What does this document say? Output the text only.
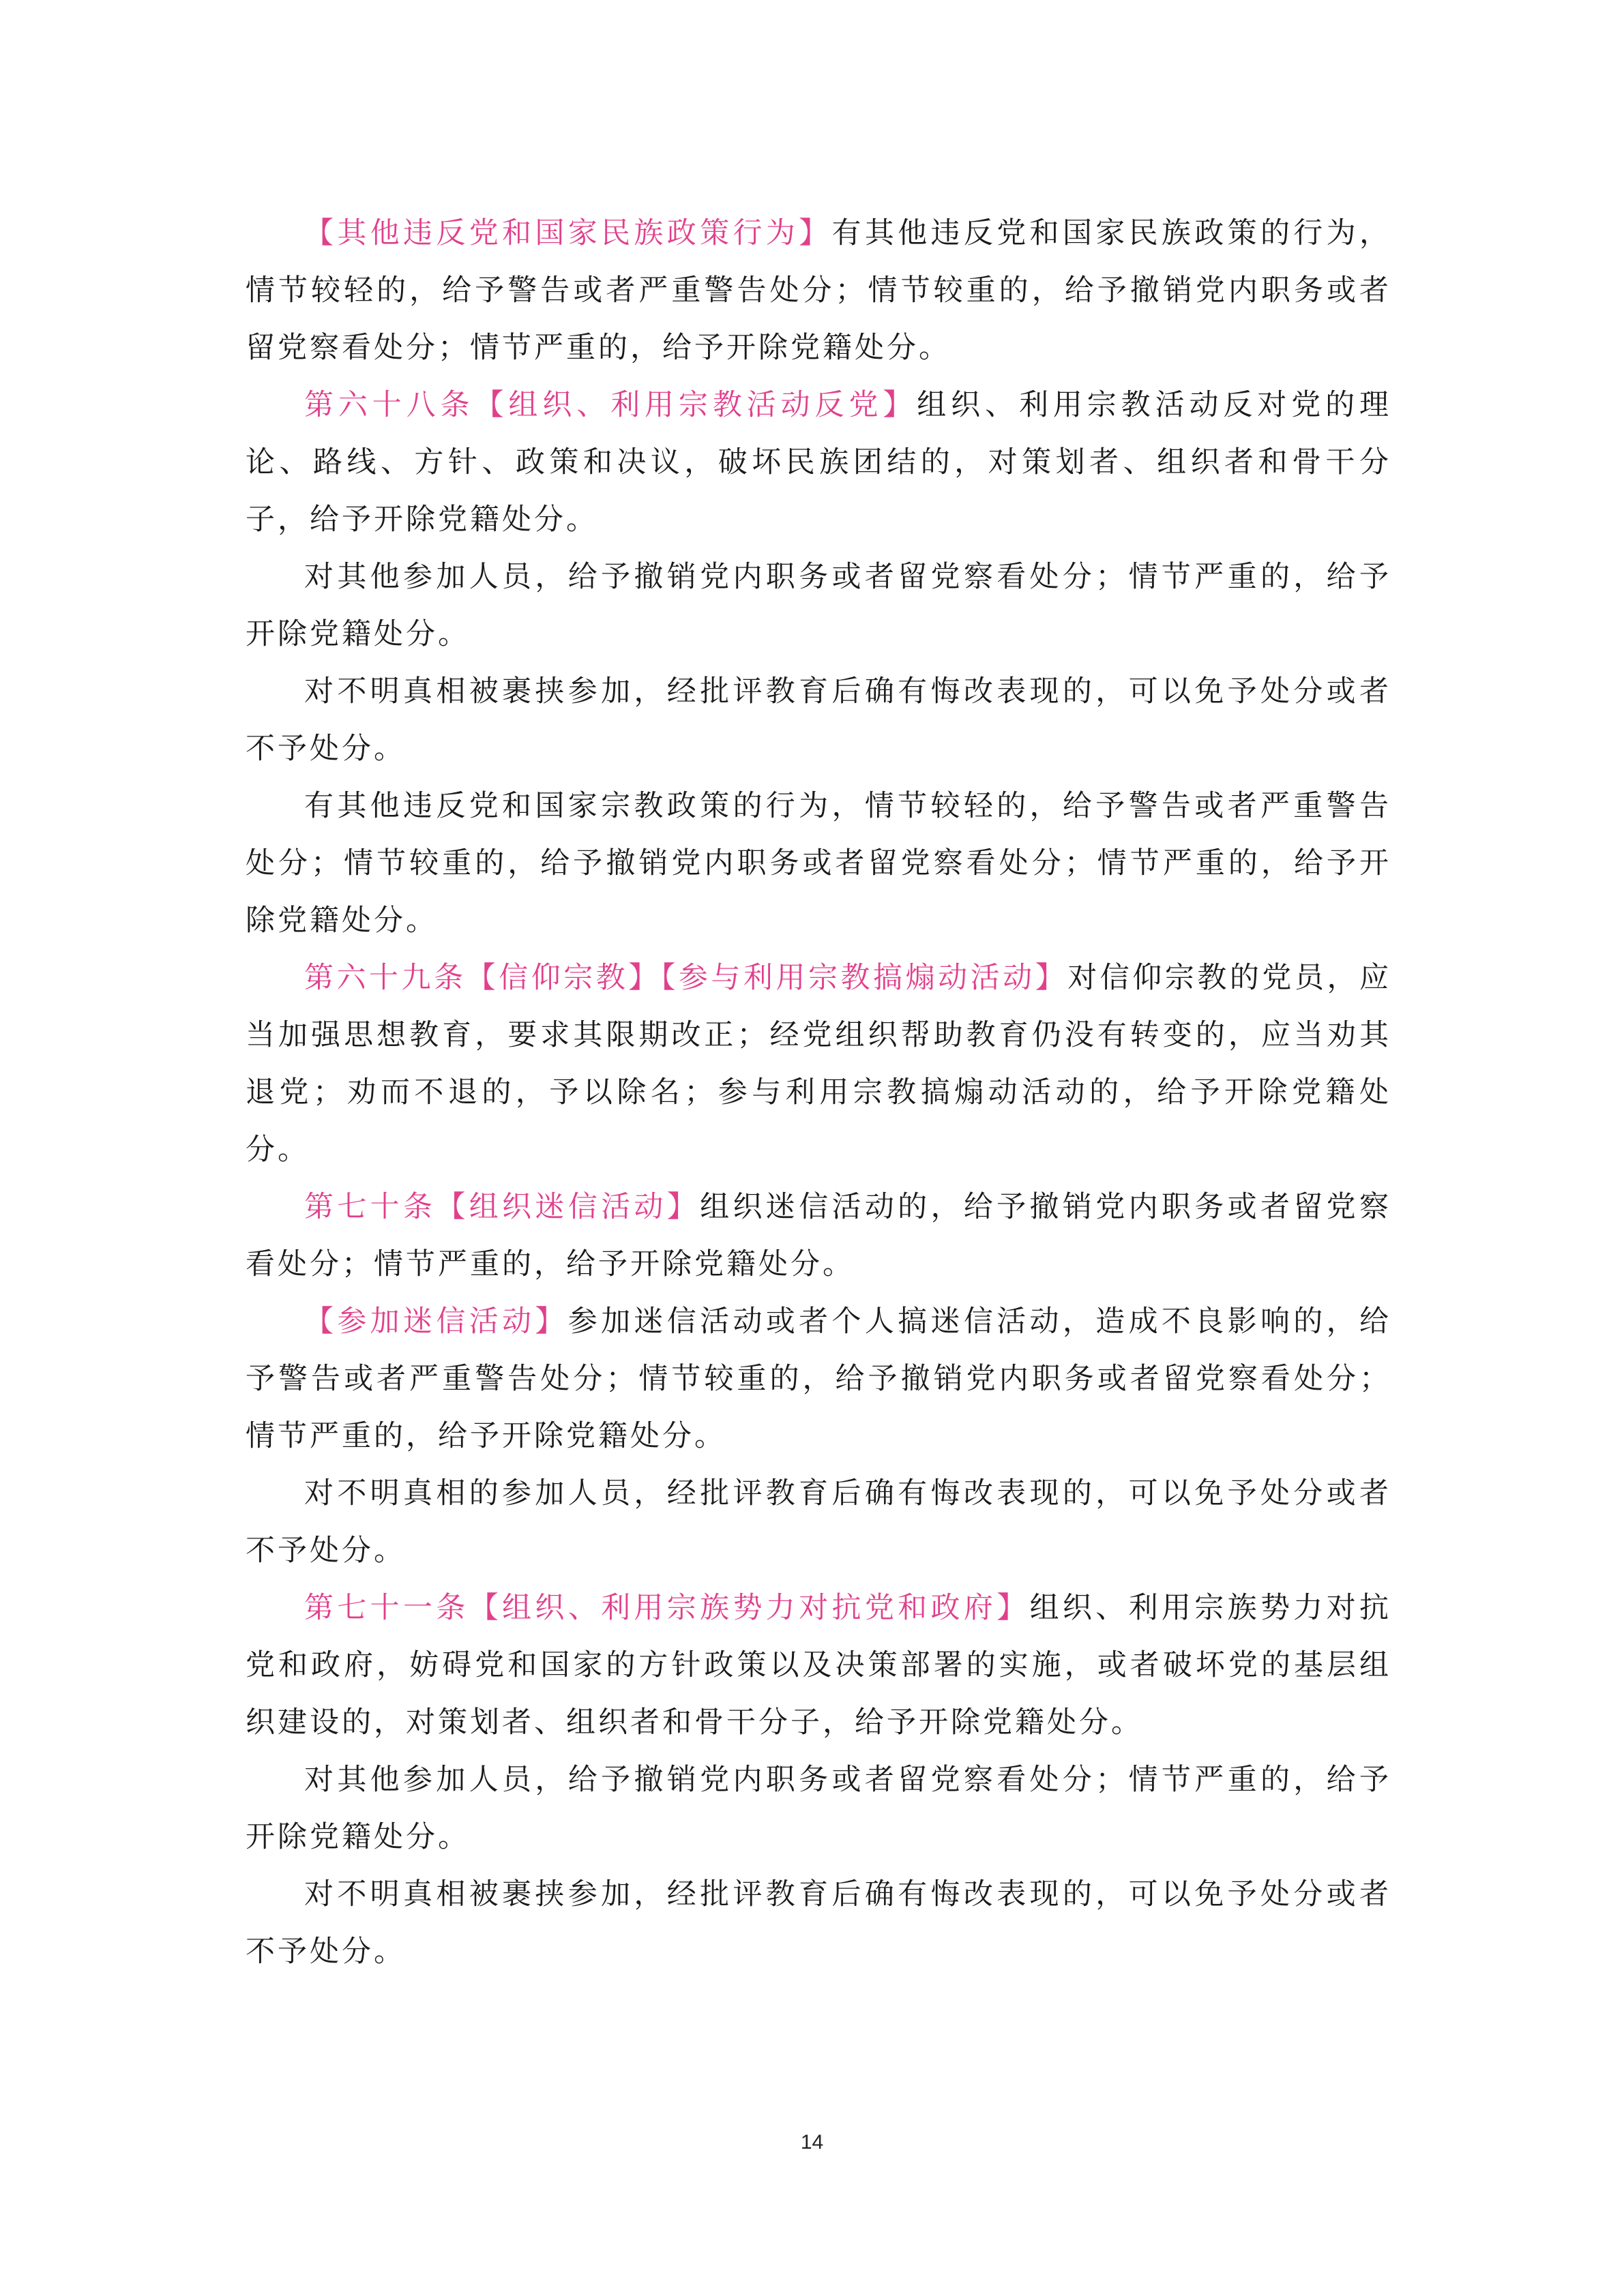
【其他违反党和国家民族政策行为】有其他违反党和国家民族政策的行为，情节较轻的，给予警告或者严重警告处分；情节较重的，给予撤销党内职务或者留党察看处分；情节严重的，给予开除党籍处分。

第六十八条【组织、利用宗教活动反党】组织、利用宗教活动反对党的理论、路线、方针、政策和决议，破坏民族团结的，对策划者、组织者和骨干分子，给予开除党籍处分。

对其他参加人员，给予撤销党内职务或者留党察看处分；情节严重的，给予开除党籍处分。

对不明真相被裹挟参加，经批评教育后确有悔改表现的，可以免予处分或者不予处分。

有其他违反党和国家宗教政策的行为，情节较轻的，给予警告或者严重警告处分；情节较重的，给予撤销党内职务或者留党察看处分；情节严重的，给予开除党籍处分。

第六十九条【信仰宗教】【参与利用宗教搞煽动活动】对信仰宗教的党员，应当加强思想教育，要求其限期改正；经党组织帮助教育仍没有转变的，应当劝其退党；劝而不退的，予以除名；参与利用宗教搞煽动活动的，给予开除党籍处分。

第七十条【组织迷信活动】组织迷信活动的，给予撤销党内职务或者留党察看处分；情节严重的，给予开除党籍处分。

【参加迷信活动】参加迷信活动或者个人搞迷信活动，造成不良影响的，给予警告或者严重警告处分；情节较重的，给予撤销党内职务或者留党察看处分；情节严重的，给予开除党籍处分。

对不明真相的参加人员，经批评教育后确有悔改表现的，可以免予处分或者不予处分。

第七十一条【组织、利用宗族势力对抗党和政府】组织、利用宗族势力对抗党和政府，妨碍党和国家的方针政策以及决策部署的实施，或者破坏党的基层组织建设的，对策划者、组织者和骨干分子，给予开除党籍处分。

对其他参加人员，给予撤销党内职务或者留党察看处分；情节严重的，给予开除党籍处分。

对不明真相被裹挟参加，经批评教育后确有悔改表现的，可以免予处分或者不予处分。

14
